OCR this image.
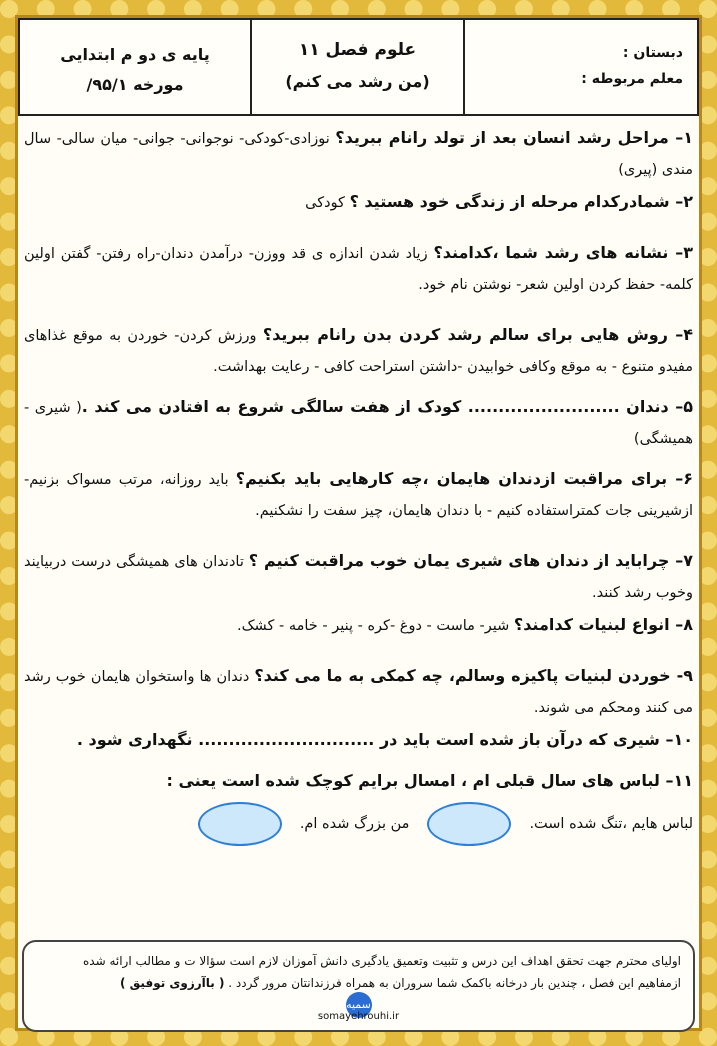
دبستان :
معلم مربوطه :
علوم فصل ۱۱
(من رشد می کنم)
پایه ی دو م ابتدایی
مورخه ۹۵/۱/

۱– مراحل رشد انسان بعد از تولد رانام ببرید؟ نوزادی-کودکی- نوجوانی- جوانی- میان سالی- سال مندی (پیری)

۲– شمادرکدام مرحله از زندگی خود هستید ؟ کودکی

۳– نشانه های رشد شما ،کدامند؟ زیاد شدن اندازه ی قد ووزن- درآمدن دندان-راه رفتن- گفتن اولین کلمه- حفظ کردن اولین شعر- نوشتن نام خود.

۴– روش هایی برای سالم رشد کردن بدن رانام ببرید؟ ورزش کردن- خوردن به موقع غذاهای مفیدو متنوع - به موقع وکافی خوابیدن -داشتن استراحت کافی - رعایت بهداشت.

۵– دندان ......................... کودک از هفت سالگی شروع به افتادن می کند .( شیری - همیشگی)

۶– برای مراقبت ازدندان هایمان ،چه کارهایی باید بکنیم؟ باید روزانه، مرتب مسواک بزنیم- ازشیرینی جات کمتراستفاده کنیم - با دندان هایمان، چیز سفت را نشکنیم.

۷– چراباید از دندان های شیری یمان خوب مراقبت کنیم ؟ تادندان های همیشگی درست دربیایند وخوب رشد کنند.

۸– انواع لبنیات کدامند؟ شیر- ماست - دوغ -کره - پنیر - خامه - کشک.

۹- خوردن لبنیات پاکیزه وسالم، چه کمکی به ما می کند؟ دندان ها واستخوان هایمان خوب رشد می کنند ومحکم می شوند.

۱۰– شیری که درآن باز شده است باید در ............................. نگهداری شود .

۱۱– لباس های سال قبلی ام ، امسال برایم کوچک شده است یعنی :

لباس هایم ،تنگ شده است.
من بزرگ شده ام.
اولیای محترم جهت تحقق اهداف این درس و تثبیت وتعمیق یادگیری دانش آموزان لازم است سؤالا ت و مطالب ارائه شده
ازمفاهیم این فصل ، چندین بار درخانه باکمک شما سروران به همراه فرزندانتان مرور گردد . ( باآرزوی توفیق )
سمیه
somayehrouhi.ir
